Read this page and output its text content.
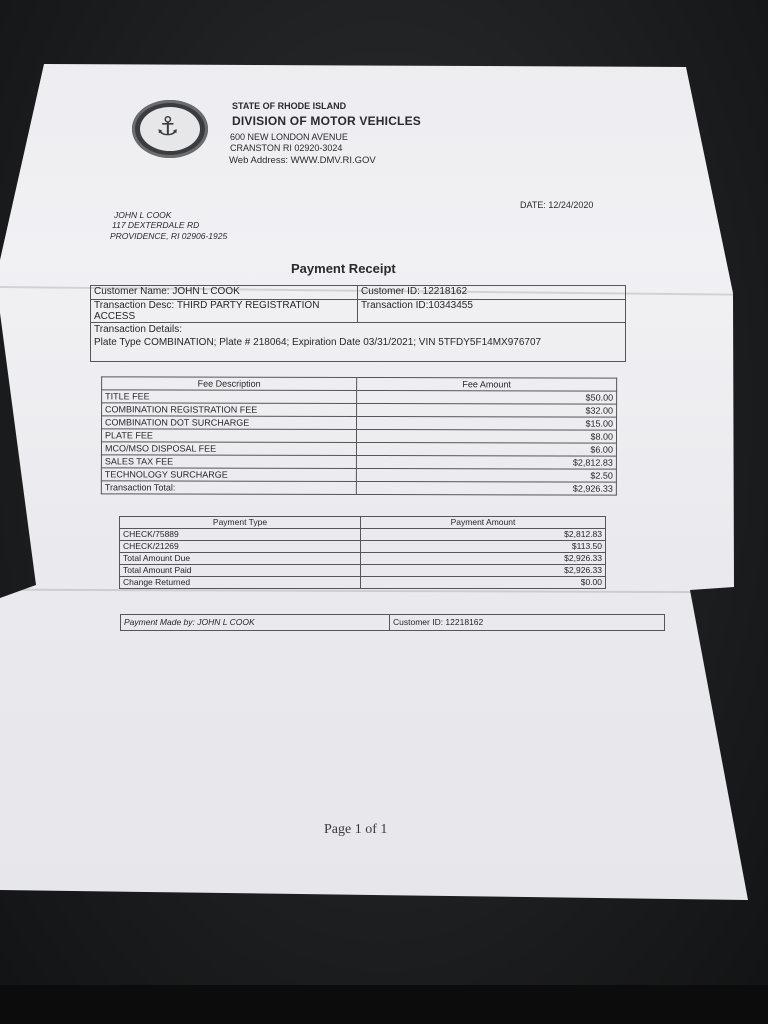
⚓
STATE OF RHODE ISLAND
DIVISION OF MOTOR VEHICLES
600 NEW LONDON AVENUE
CRANSTON RI 02920-3024
Web Address: WWW.DMV.RI.GOV
DATE: 12/24/2020
JOHN L COOK
117 DEXTERDALE RD
PROVIDENCE, RI 02906-1925
Payment Receipt
Customer Name: JOHN L COOK	Customer ID: 12218162

Transaction Desc: THIRD PARTY REGISTRATION
ACCESS	Transaction ID:10343455

Transaction Details:
Plate Type COMBINATION; Plate # 218064; Expiration Date 03/31/2021; VIN 5TFDY5F14MX976707	
Fee Description	Fee Amount
TITLE FEE	$50.00
COMBINATION REGISTRATION FEE	$32.00
COMBINATION DOT SURCHARGE	$15.00
PLATE FEE	$8.00
MCO/MSO DISPOSAL FEE	$6.00
SALES TAX FEE	$2,812.83
TECHNOLOGY SURCHARGE	$2.50
Transaction Total:	$2,926.33
Payment Type	Payment Amount
CHECK/75889	$2,812.83
CHECK/21269	$113.50
Total Amount Due	$2,926.33
Total Amount Paid	$2,926.33
Change Returned	$0.00
Payment Made by: JOHN L COOK	Customer ID: 12218162
Page 1 of 1
